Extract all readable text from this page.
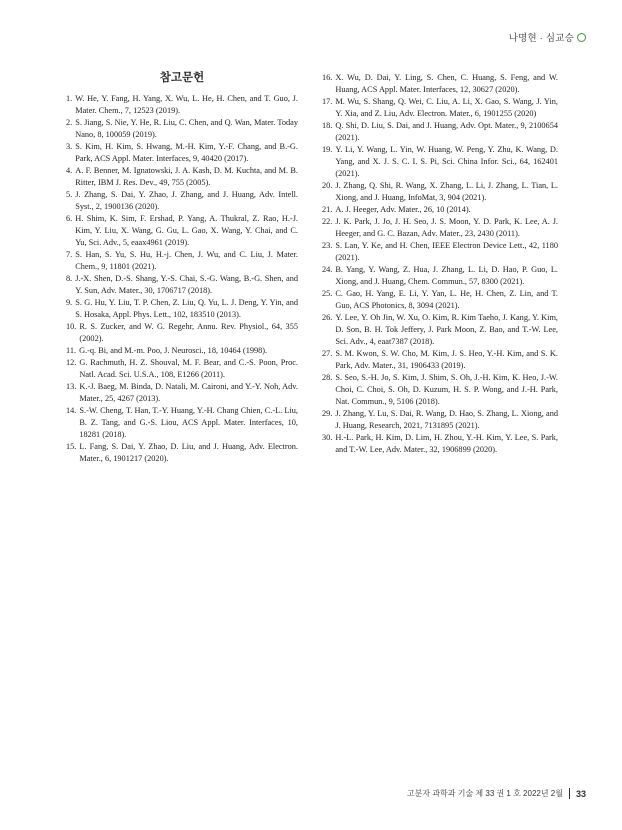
나명현 · 심교승
참고문헌
1. W. He, Y. Fang, H. Yang, X. Wu, L. He, H. Chen, and T. Guo, J. Mater. Chem., 7, 12523 (2019).
2. S. Jiang, S. Nie, Y. He, R. Liu, C. Chen, and Q. Wan, Mater. Today Nano, 8, 100059 (2019).
3. S. Kim, H. Kim, S. Hwang, M.-H. Kim, Y.-F. Chang, and B.-G. Park, ACS Appl. Mater. Interfaces, 9, 40420 (2017).
4. A. F. Benner, M. Ignatowski, J. A. Kash, D. M. Kuchta, and M. B. Ritter, IBM J. Res. Dev., 49, 755 (2005).
5. J. Zhang, S. Dai, Y. Zhao, J. Zhang, and J. Huang, Adv. Intell. Syst., 2, 1900136 (2020).
6. H. Shim, K. Sim, F. Ershad, P. Yang, A. Thukral, Z. Rao, H.-J. Kim, Y. Liu, X. Wang, G. Gu, L. Gao, X. Wang, Y. Chai, and C. Yu, Sci. Adv., 5, eaax4961 (2019).
7. S. Han, S. Yu, S. Hu, H.-j. Chen, J. Wu, and C. Liu, J. Mater. Chem., 9, 11801 (2021).
8. J.-X. Shen, D.-S. Shang, Y.-S. Chai, S.-G. Wang, B.-G. Shen, and Y. Sun, Adv. Mater., 30, 1706717 (2018).
9. S. G. Hu, Y. Liu, T. P. Chen, Z. Liu, Q. Yu, L. J. Deng, Y. Yin, and S. Hosaka, Appl. Phys. Lett., 102, 183510 (2013).
10. R. S. Zucker, and W. G. Regehr, Annu. Rev. Physiol., 64, 355 (2002).
11. G.-q. Bi, and M.-m. Poo, J. Neurosci., 18, 10464 (1998).
12. G. Rachmuth, H. Z. Shouval, M. F. Bear, and C.-S. Poon, Proc. Natl. Acad. Sci. U.S.A., 108, E1266 (2011).
13. K.-J. Baeg, M. Binda, D. Natali, M. Caironi, and Y.-Y. Noh, Adv. Mater., 25, 4267 (2013).
14. S.-W. Cheng, T. Han, T.-Y. Huang, Y.-H. Chang Chien, C.-L. Liu, B. Z. Tang, and G.-S. Liou, ACS Appl. Mater. Interfaces, 10, 18281 (2018).
15. L. Fang, S. Dai, Y. Zhao, D. Liu, and J. Huang, Adv. Electron. Mater., 6, 1901217 (2020).
16. X. Wu, D. Dai, Y. Ling, S. Chen, C. Huang, S. Feng, and W. Huang, ACS Appl. Mater. Interfaces, 12, 30627 (2020).
17. M. Wu, S. Shang, Q. Wei, C. Liu, A. Li, X. Gao, S. Wang, J. Yin, Y. Xia, and Z. Liu, Adv. Electron. Mater., 6, 1901255 (2020)
18. Q. Shi, D. Liu, S. Dai, and J. Huang, Adv. Opt. Mater., 9, 2100654 (2021).
19. Y. Li, Y. Wang, L. Yin, W. Huang, W. Peng, Y. Zhu, K. Wang, D. Yang, and X. J. S. C. I. S. Pi, Sci. China Infor. Sci., 64, 162401 (2021).
20. J. Zhang, Q. Shi, R. Wang, X. Zhang, L. Li, J. Zhang, L. Tian, L. Xiong, and J. Huang, InfoMat, 3, 904 (2021).
21. A. J. Heeger, Adv. Mater., 26, 10 (2014).
22. J. K. Park, J. Jo, J. H. Seo, J. S. Moon, Y. D. Park, K. Lee, A. J. Heeger, and G. C. Bazan, Adv. Mater., 23, 2430 (2011).
23. S. Lan, Y. Ke, and H. Chen, IEEE Electron Device Lett., 42, 1180 (2021).
24. B. Yang, Y. Wang, Z. Hua, J. Zhang, L. Li, D. Hao, P. Guo, L. Xiong, and J. Huang, Chem. Commun., 57, 8300 (2021).
25. C. Gao, H. Yang, E. Li, Y. Yan, L. He, H. Chen, Z. Lin, and T. Guo, ACS Photonics, 8, 3094 (2021).
26. Y. Lee, Y. Oh Jin, W. Xu, O. Kim, R. Kim Taeho, J. Kang, Y. Kim, D. Son, B. H. Tok Jeffery, J. Park Moon, Z. Bao, and T.-W. Lee, Sci. Adv., 4, eaat7387 (2018).
27. S. M. Kwon, S. W. Cho, M. Kim, J. S. Heo, Y.-H. Kim, and S. K. Park, Adv. Mater., 31, 1906433 (2019).
28. S. Seo, S.-H. Jo, S. Kim, J. Shim, S. Oh, J.-H. Kim, K. Heo, J.-W. Choi, C. Choi, S. Oh, D. Kuzum, H. S. P. Wong, and J.-H. Park, Nat. Commun., 9, 5106 (2018).
29. J. Zhang, Y. Lu, S. Dai, R. Wang, D. Hao, S. Zhang, L. Xiong, and J. Huang, Research, 2021, 7131895 (2021).
30. H.-L. Park, H. Kim, D. Lim, H. Zhou, Y.-H. Kim, Y. Lee, S. Park, and T.-W. Lee, Adv. Mater., 32, 1906899 (2020).
고분자 과학과 기술 제 33 권 1 호 2022년 2월 33
